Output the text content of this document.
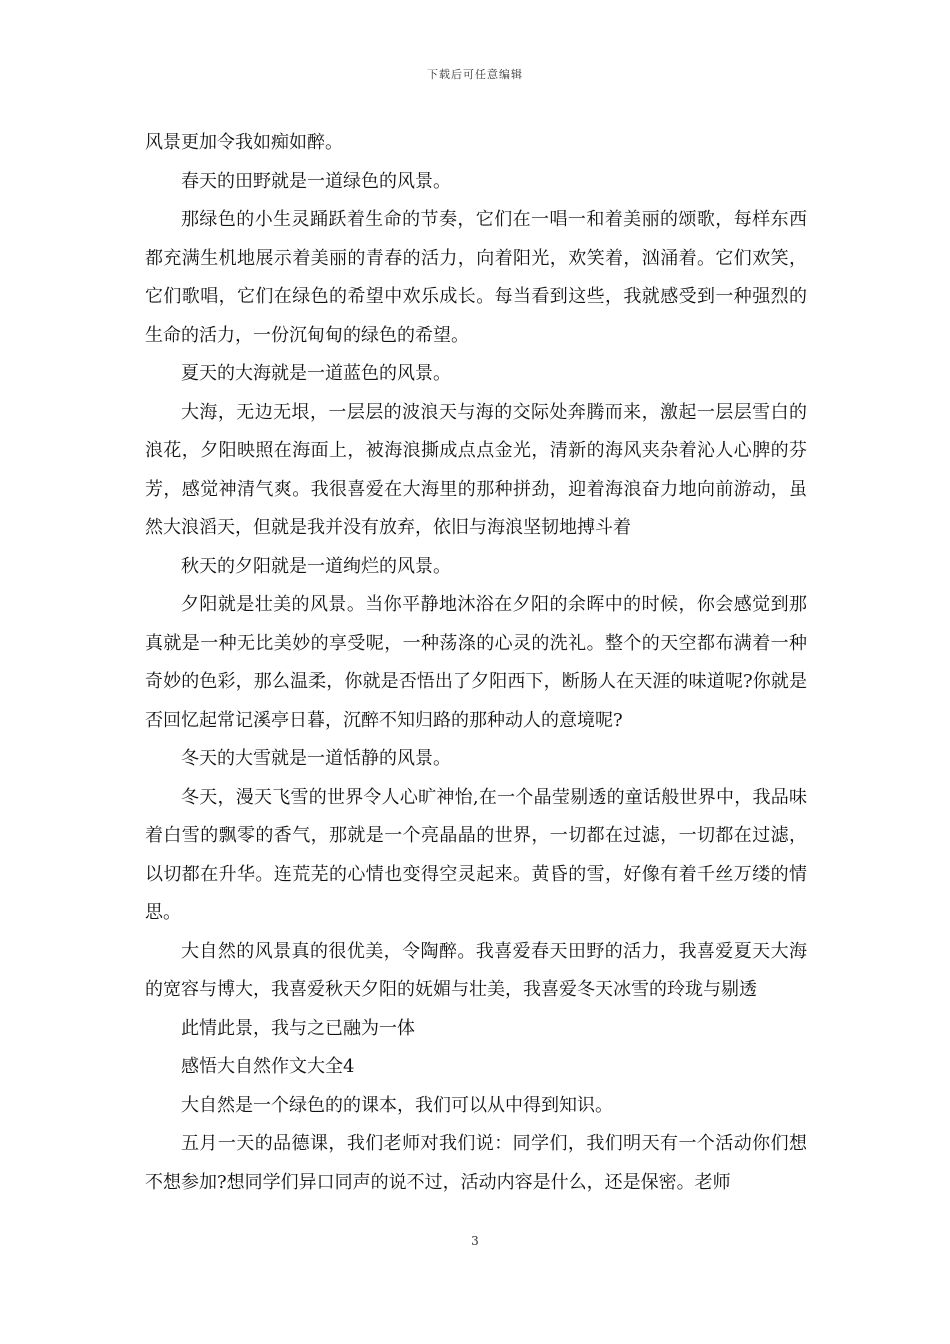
下载后可任意编辑

风景更加令我如痴如醉。

春天的田野就是一道绿色的风景。

那绿色的小生灵踊跃着生命的节奏，它们在一唱一和着美丽的颂歌，每样东西都充满生机地展示着美丽的青春的活力，向着阳光，欢笑着，汹涌着。它们欢笑，它们歌唱，它们在绿色的希望中欢乐成长。每当看到这些，我就感受到一种强烈的生命的活力，一份沉甸甸的绿色的希望。

夏天的大海就是一道蓝色的风景。

大海，无边无垠，一层层的波浪天与海的交际处奔腾而来，激起一层层雪白的浪花，夕阳映照在海面上，被海浪撕成点点金光，清新的海风夹杂着沁人心脾的芬芳，感觉神清气爽。我很喜爱在大海里的那种拼劲，迎着海浪奋力地向前游动，虽然大浪滔天，但就是我并没有放弃，依旧与海浪坚韧地搏斗着

秋天的夕阳就是一道绚烂的风景。

夕阳就是壮美的风景。当你平静地沐浴在夕阳的余晖中的时候，你会感觉到那真就是一种无比美妙的享受呢，一种荡涤的心灵的洗礼。整个的天空都布满着一种奇妙的色彩，那么温柔，你就是否悟出了夕阳西下，断肠人在天涯的味道呢?你就是否回忆起常记溪亭日暮，沉醉不知归路的那种动人的意境呢?

冬天的大雪就是一道恬静的风景。

冬天，漫天飞雪的世界令人心旷神怡,在一个晶莹剔透的童话般世界中，我品味着白雪的飘零的香气，那就是一个亮晶晶的世界，一切都在过滤，一切都在过滤，以切都在升华。连荒芜的心情也变得空灵起来。黄昏的雪，好像有着千丝万缕的情思。

大自然的风景真的很优美，令陶醉。我喜爱春天田野的活力，我喜爱夏天大海的宽容与博大，我喜爱秋天夕阳的妩媚与壮美，我喜爱冬天冰雪的玲珑与剔透

此情此景，我与之已融为一体

感悟大自然作文大全4

大自然是一个绿色的的课本，我们可以从中得到知识。

五月一天的品德课，我们老师对我们说：同学们，我们明天有一个活动你们想不想参加?想同学们异口同声的说不过，活动内容是什么，还是保密。老师

3
